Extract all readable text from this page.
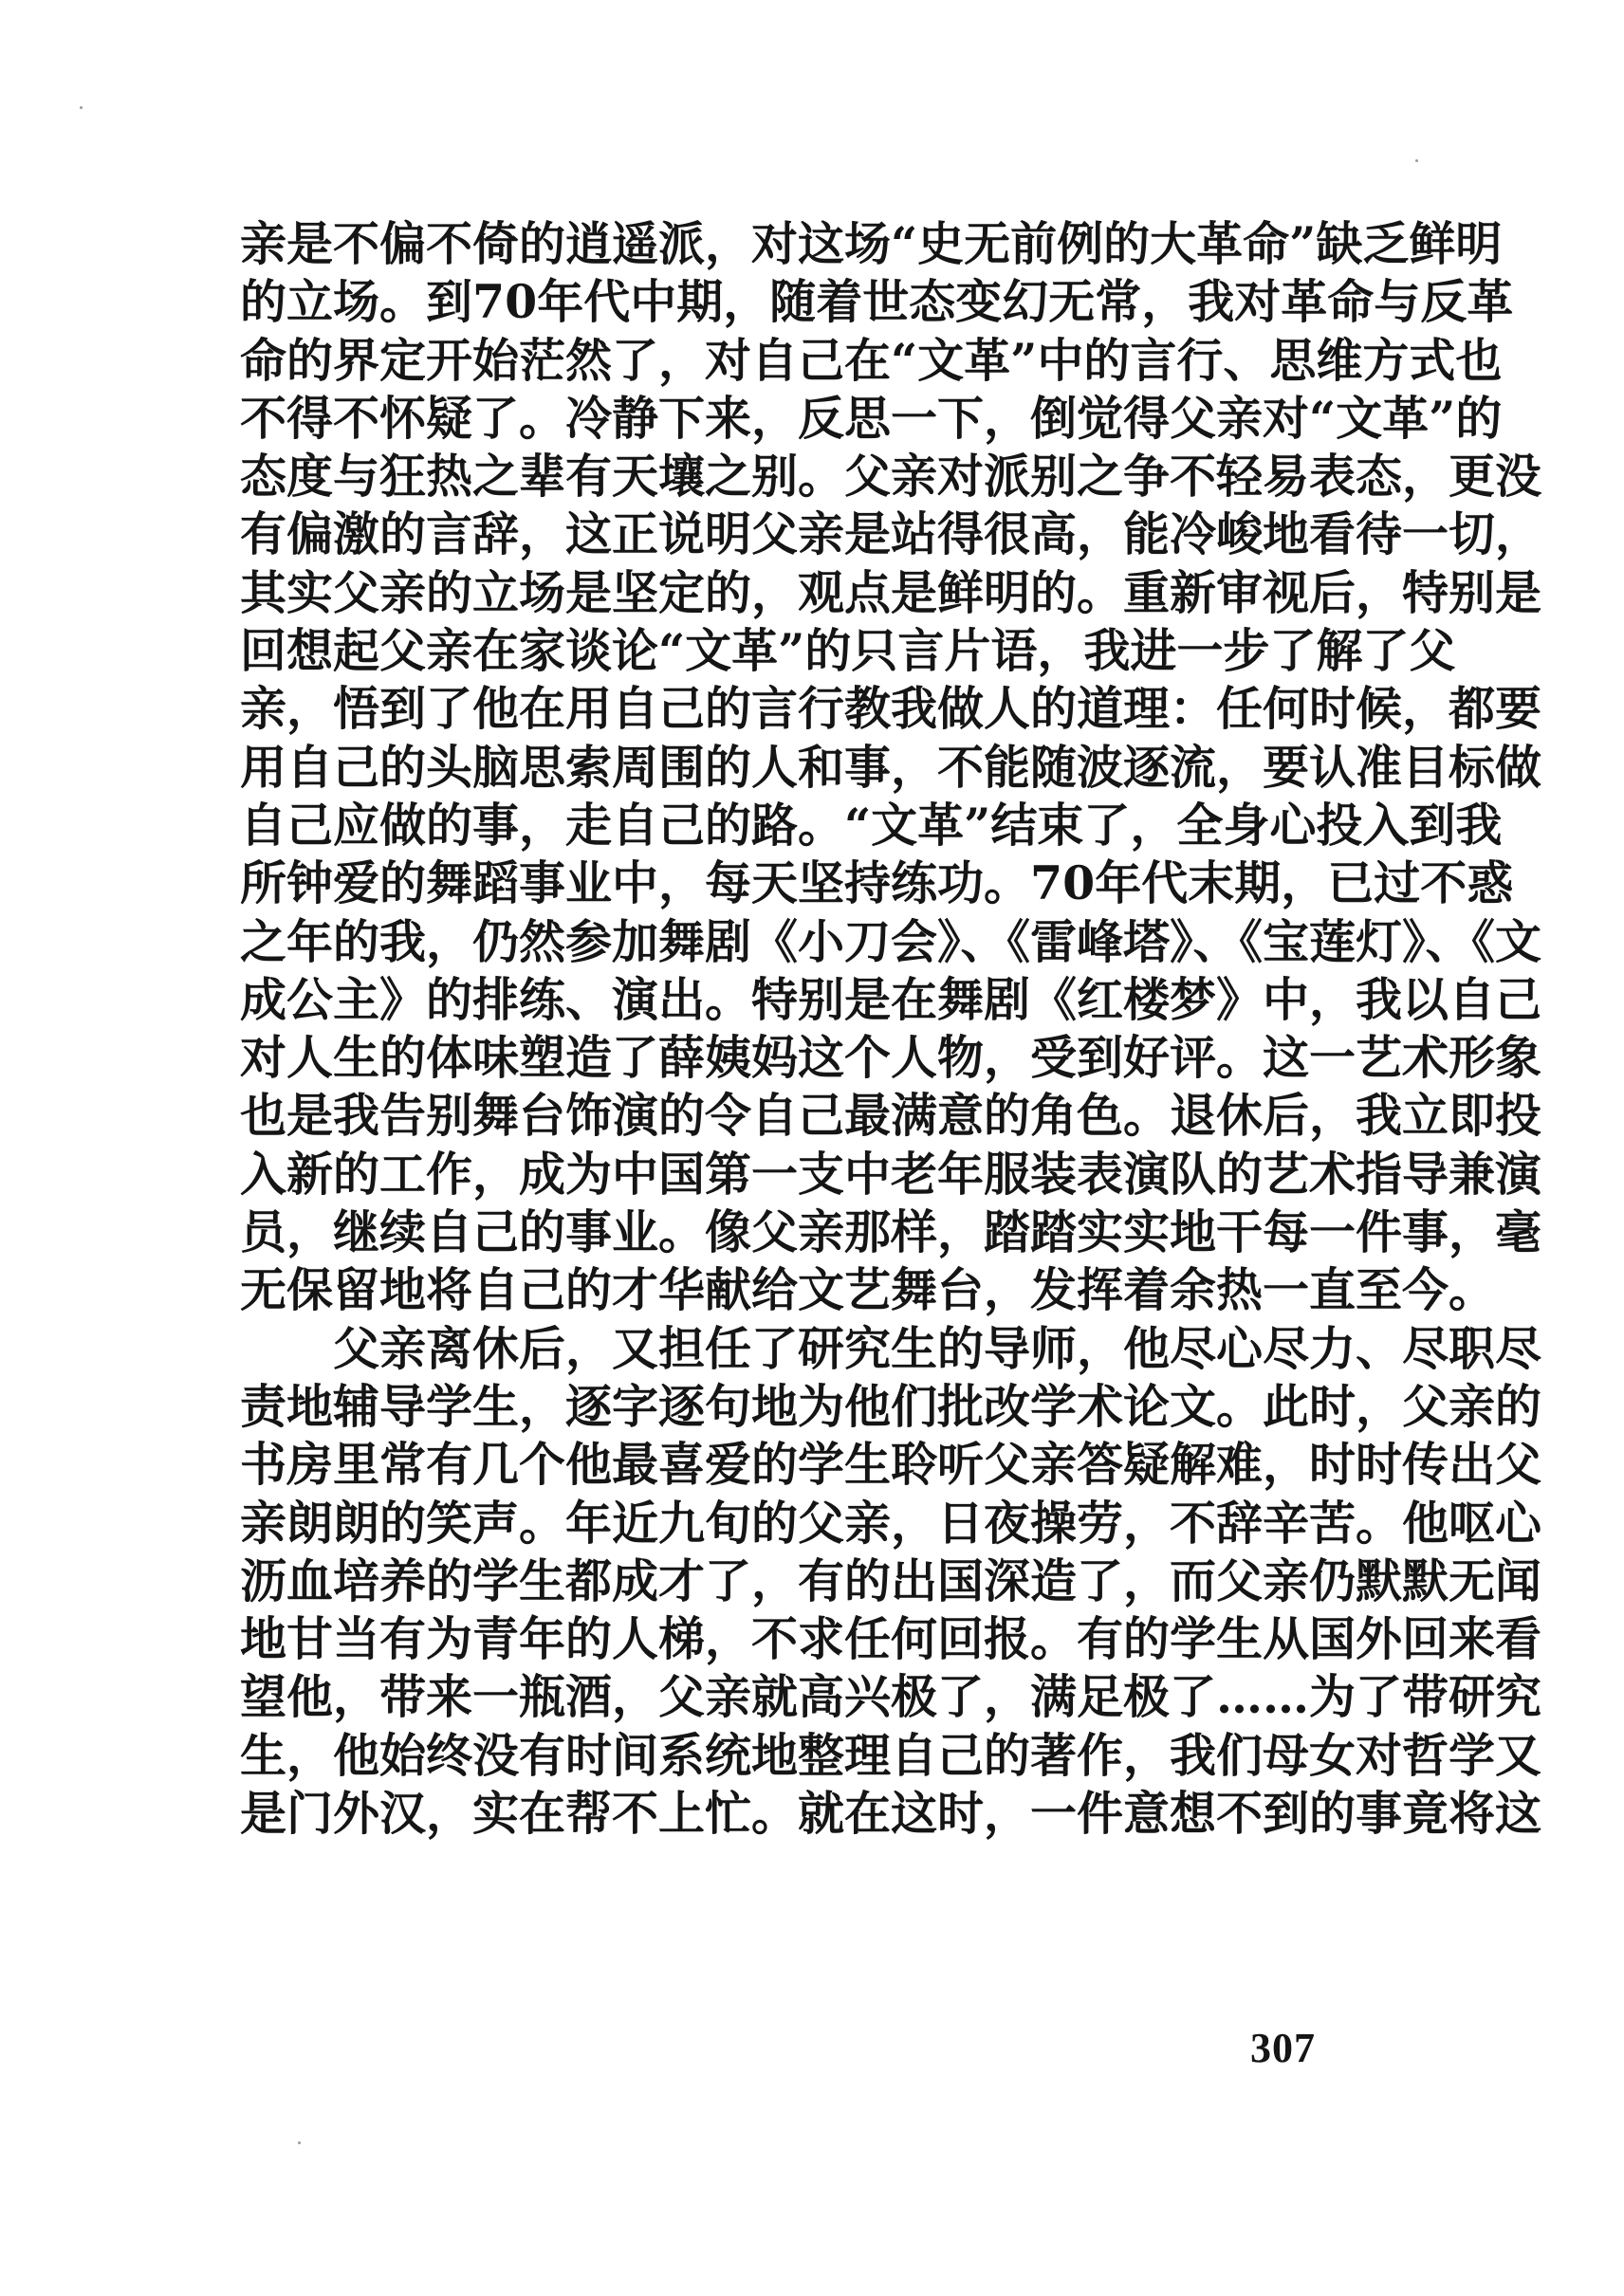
亲是不偏不倚的逍遥派，对这场“史无前例的大革命”缺乏鲜明
的立场。到70年代中期，随着世态变幻无常，我对革命与反革
命的界定开始茫然了，对自己在“文革”中的言行、思维方式也
不得不怀疑了。冷静下来，反思一下，倒觉得父亲对“文革”的
态度与狂热之辈有天壤之别。父亲对派别之争不轻易表态，更没
有偏激的言辞，这正说明父亲是站得很高，能冷峻地看待一切，
其实父亲的立场是坚定的，观点是鲜明的。重新审视后，特别是
回想起父亲在家谈论“文革”的只言片语，我进一步了解了父
亲，悟到了他在用自己的言行教我做人的道理：任何时候，都要
用自己的头脑思索周围的人和事，不能随波逐流，要认准目标做
自己应做的事，走自己的路。“文革”结束了，全身心投入到我
所钟爱的舞蹈事业中，每天坚持练功。70年代末期，已过不惑
之年的我，仍然参加舞剧《小刀会》、《雷峰塔》、《宝莲灯》、《文
成公主》的排练、演出。特别是在舞剧《红楼梦》中，我以自己
对人生的体味塑造了薛姨妈这个人物，受到好评。这一艺术形象
也是我告别舞台饰演的令自己最满意的角色。退休后，我立即投
入新的工作，成为中国第一支中老年服装表演队的艺术指导兼演
员，继续自己的事业。像父亲那样，踏踏实实地干每一件事，毫
无保留地将自己的才华献给文艺舞台，发挥着余热一直至今。
父亲离休后，又担任了研究生的导师，他尽心尽力、尽职尽
责地辅导学生，逐字逐句地为他们批改学术论文。此时，父亲的
书房里常有几个他最喜爱的学生聆听父亲答疑解难，时时传出父
亲朗朗的笑声。年近九旬的父亲，日夜操劳，不辞辛苦。他呕心
沥血培养的学生都成才了，有的出国深造了，而父亲仍默默无闻
地甘当有为青年的人梯，不求任何回报。有的学生从国外回来看
望他，带来一瓶酒，父亲就高兴极了，满足极了……为了带研究
生，他始终没有时间系统地整理自己的著作，我们母女对哲学又
是门外汉，实在帮不上忙。就在这时，一件意想不到的事竟将这
307
